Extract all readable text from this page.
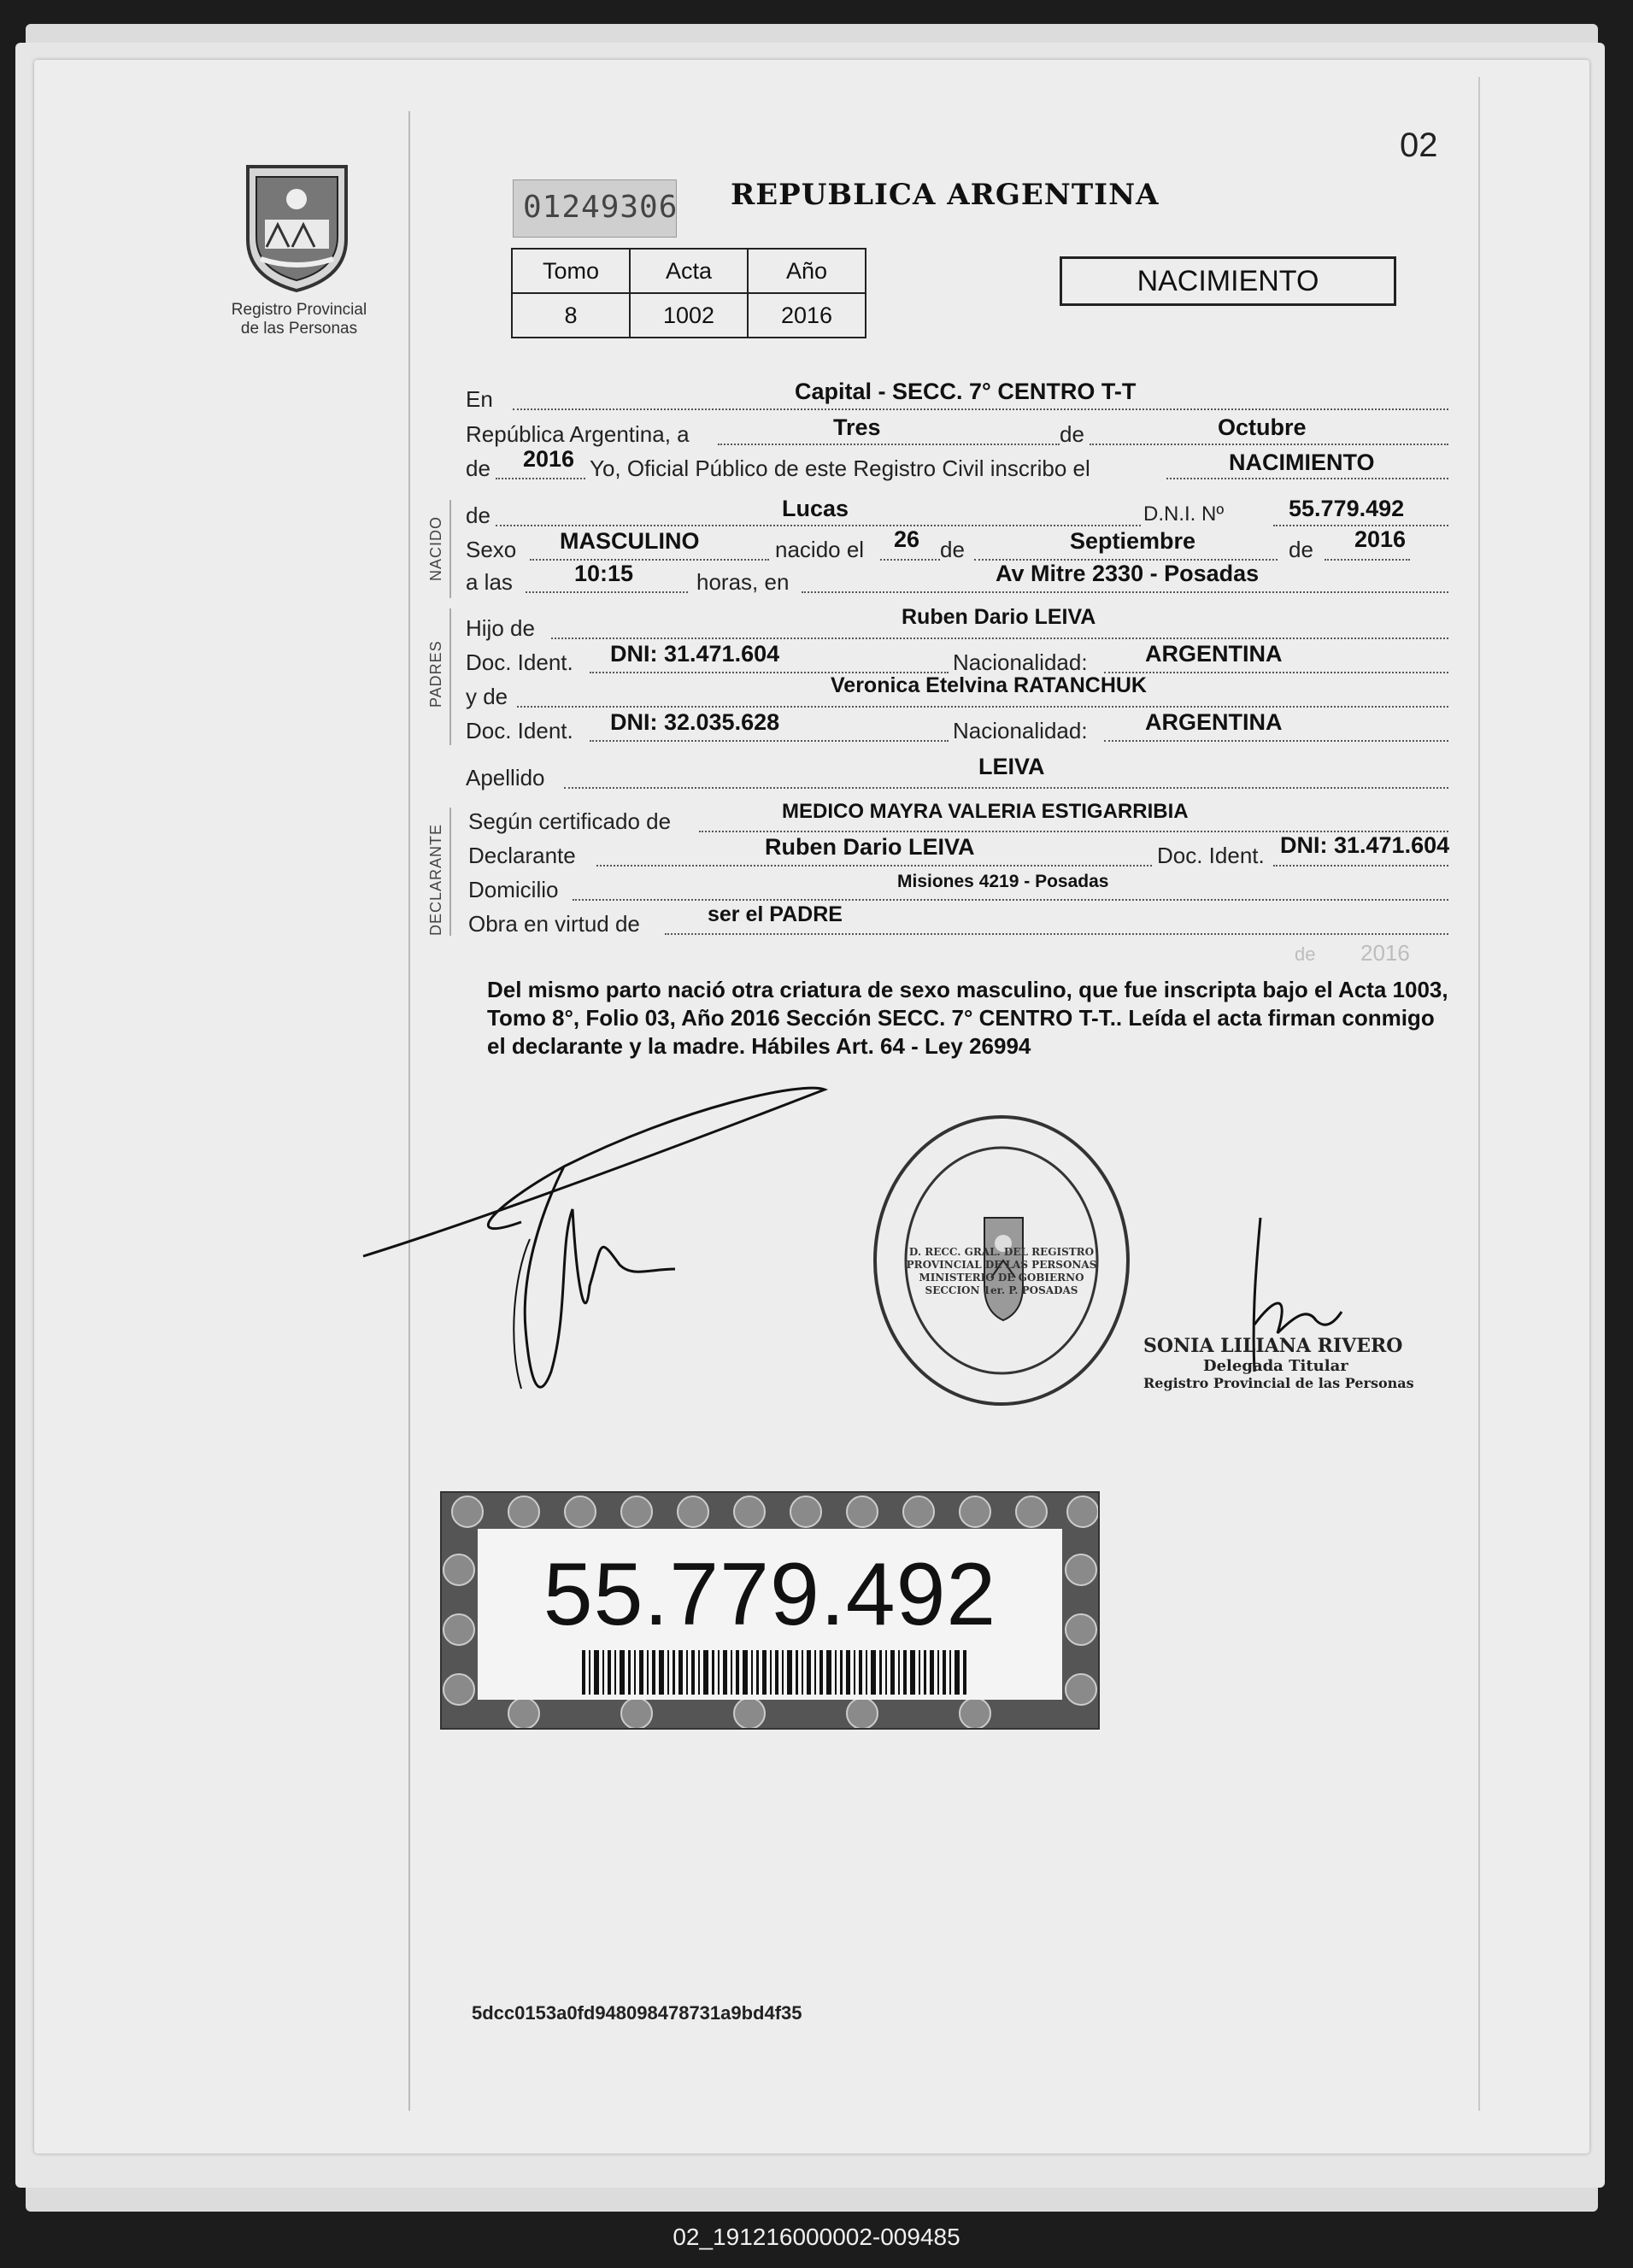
02
Registro Provincial
de las Personas
01249306 REPUBLICA ARGENTINA
Tomo	Acta	Año
8	1002	2016
NACIMIENTO
En	Capital - SECC. 7° CENTRO T-T
República Argentina, a	Tres	de	Octubre
de 2016 Yo, Oficial Público de este Registro Civil inscribo el	NACIMIENTO
NACIDO
de	Lucas	D.N.I. Nº	55.779.492
Sexo MASCULINO	nacido el 26 de	Septiembre	de 2016
a las	10:15	horas, en	Av Mitre 2330 - Posadas
PADRES
Hijo de	Ruben Dario LEIVA
Doc. Ident. DNI: 31.471.604	Nacionalidad: ARGENTINA
y de	Veronica Etelvina RATANCHUK
Doc. Ident. DNI: 32.035.628	Nacionalidad: ARGENTINA
Apellido	LEIVA
DECLARANTE
Según certificado de	MEDICO MAYRA VALERIA ESTIGARRIBIA
Declarante	Ruben Dario LEIVA	Doc. Ident. DNI: 31.471.604
Domicilio	Misiones 4219 - Posadas
Obra en virtud de	ser el PADRE
de 2016
Del mismo parto nació otra criatura de sexo masculino, que fue inscripta bajo el Acta 1003, Tomo 8°, Folio 03, Año 2016 Sección SECC. 7° CENTRO T-T.. Leída el acta firman conmigo el declarante y la madre. Hábiles Art. 64 - Ley 26994
D. RECC. GRAL. DEL REGISTRO PROVINCIAL DE LAS PERSONAS
MINISTERIO DE GOBIERNO
SECCION 1er. P. POSADAS
SONIA LILIANA RIVERO
Delegada Titular
Registro Provincial de las Personas
55.779.492
5dcc0153a0fd948098478731a9bd4f35
02_191216000002-009485
